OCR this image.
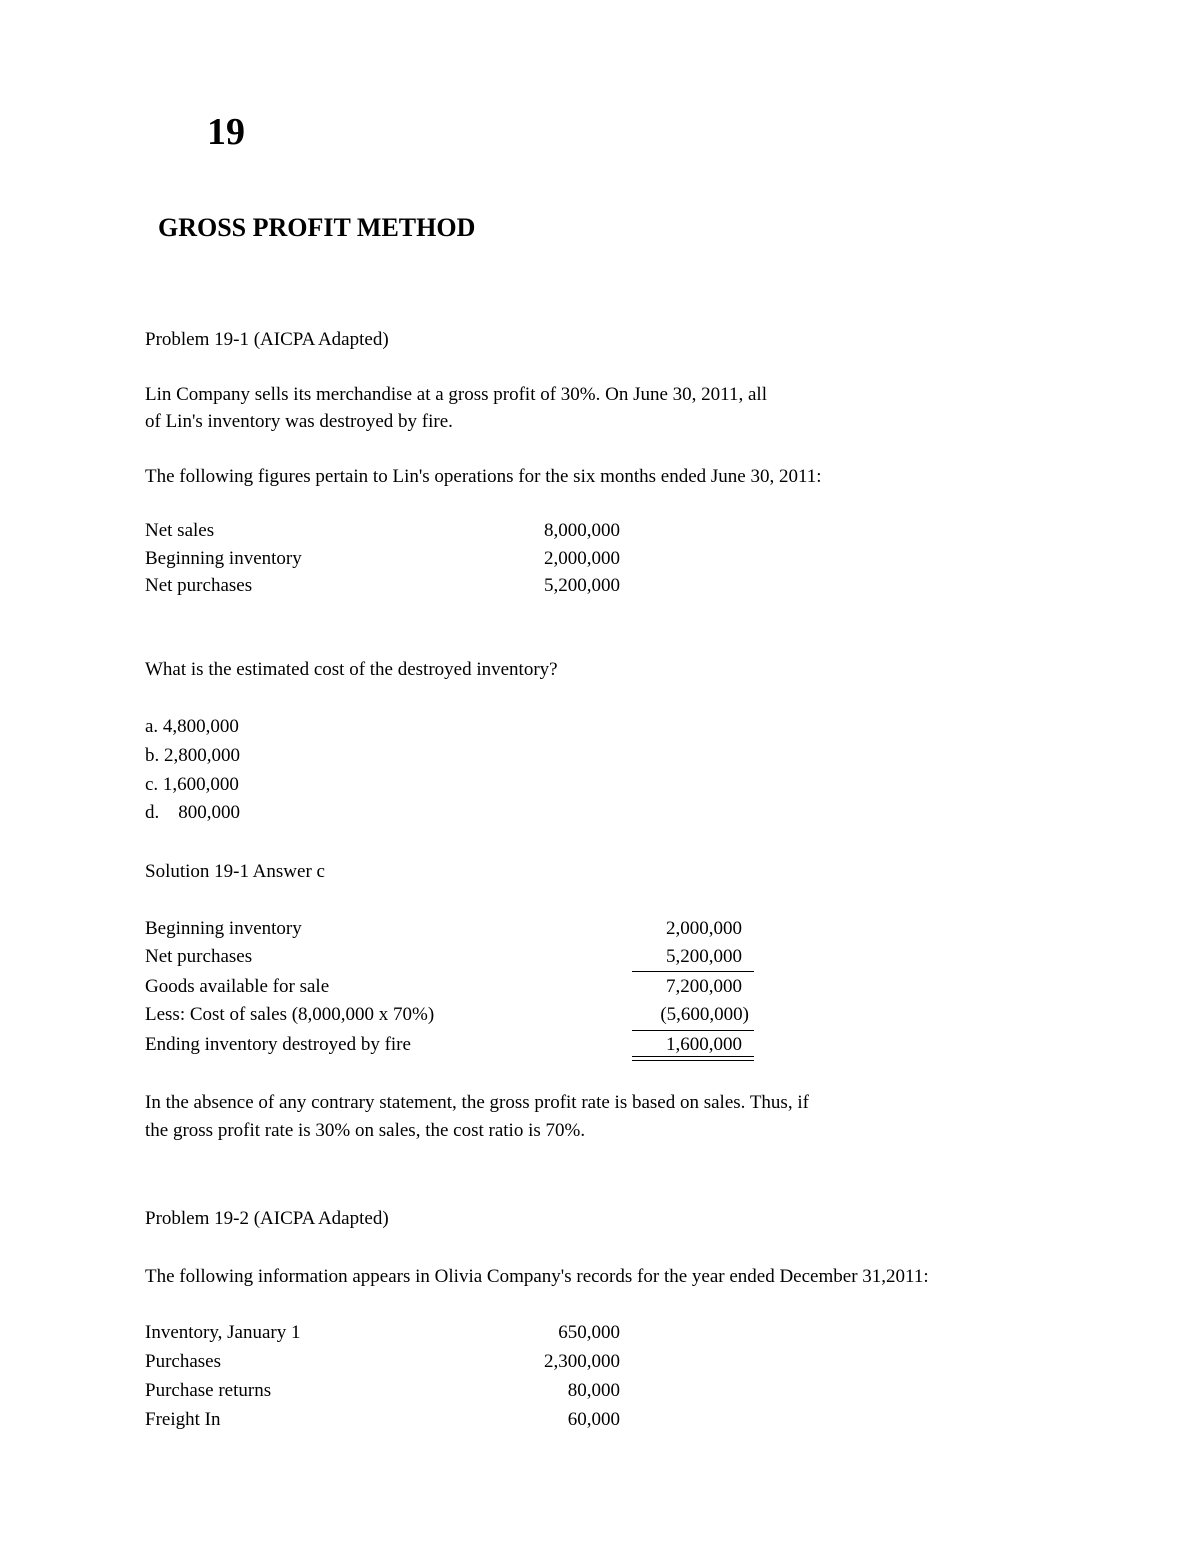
19
GROSS PROFIT METHOD
Problem 19-1 (AICPA Adapted)
Lin Company sells its merchandise at a gross profit of 30%. On June 30, 2011, all
of Lin's inventory was destroyed by fire.
The following figures pertain to Lin's operations for the six months ended June 30, 2011:
Net sales	8,000,000
Beginning inventory	2,000,000
Net purchases	5,200,000
What is the estimated cost of the destroyed inventory?
a. 4,800,000
b. 2,800,000
c. 1,600,000
d.    800,000
Solution 19-1 Answer c
Beginning inventory	2,000,000
Net purchases	5,200,000
Goods available for sale	7,200,000
Less: Cost of sales (8,000,000 x 70%)	(5,600,000)
Ending inventory destroyed by fire	1,600,000
In the absence of any contrary statement, the gross profit rate is based on sales. Thus, if
the gross profit rate is 30% on sales, the cost ratio is 70%.
Problem 19-2 (AICPA Adapted)
The following information appears in Olivia Company's records for the year ended December 31,2011:
Inventory, January 1	650,000
Purchases	2,300,000
Purchase returns	80,000
Freight In	60,000
